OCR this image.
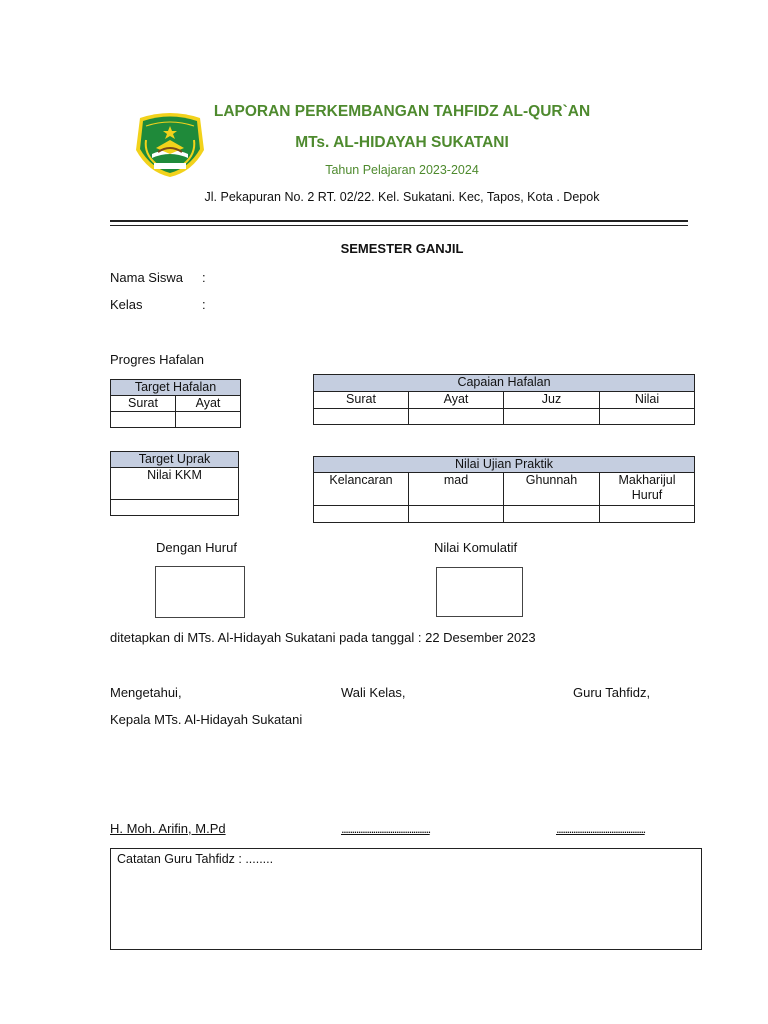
LAPORAN PERKEMBANGAN TAHFIDZ AL-QUR`AN
MTs. AL-HIDAYAH SUKATANI
Tahun Pelajaran 2023-2024
Jl. Pekapuran No. 2 RT. 02/22. Kel. Sukatani. Kec, Tapos, Kota . Depok
SEMESTER GANJIL
Nama Siswa :
Kelas	:
Progres Hafalan
Target Hafalan	
Surat	Ayat

Capaian Hafalan			
Surat	Ayat	Juz	Nilai

Target Uprak
Nilai KKM

Nilai Ujian Praktik			
Kelancaran	mad	Ghunnah	Makharijul Huruf

Dengan Huruf	Nilai Komulatif
ditetapkan di MTs. Al-Hidayah Sukatani pada tanggal : 22 Desember 2023
Mengetahui,	Wali Kelas,	Guru Tahfidz,
Kepala MTs. Al-Hidayah Sukatani
H. Moh. Arifin, M.Pd	..........................................	..........................................
Catatan Guru Tahfidz : ........
